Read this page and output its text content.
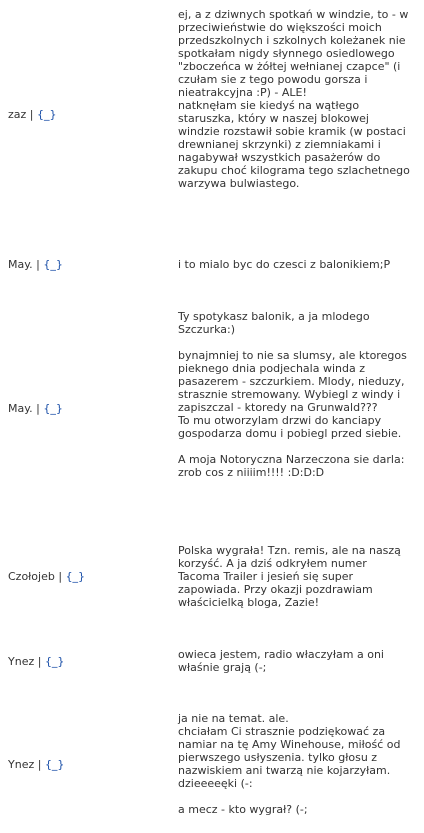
zaz | {_}

ej, a z dziwnych spotkań w windzie, to - w przeciwieństwie do większości moich przedszkolnych i szkolnych koleżanek nie spotkałam nigdy słynnego osiedlowego "zboczeńca w żółtej wełnianej czapce" (i czułam sie z tego powodu gorsza i nieatrakcyjna :P) - ALE!
natknęłam sie kiedyś na wątłego staruszka, który w naszej blokowej windzie rozstawił sobie kramik (w postaci drewnianej skrzynki) z ziemniakami i nagabywał wszystkich pasażerów do zakupu choć kilograma tego szlachetnego warzywa bulwiastego.

May. | {_}	i to mialo byc do czesci z balonikiem;P

May. | {_}

Ty spotykasz balonik, a ja mlodego Szczurka:)

bynajmniej to nie sa slumsy, ale ktoregos pieknego dnia podjechala winda z pasazerem - szczurkiem. Mlody, nieduzy, strasznie stremowany. Wybiegl z windy i zapiszczal - ktoredy na Grunwald???
To mu otworzylam drzwi do kanciapy gospodarza domu i pobiegl przed siebie.

A moja Notoryczna Narzeczona sie darla: zrob cos z niiiim!!!! :D:D:D

Czołojeb | {_}

Polska wygrała! Tzn. remis, ale na naszą korzyść. A ja dziś odkryłem numer Tacoma Trailer i jesień się super zapowiada. Przy okazji pozdrawiam właścicielką bloga, Zazie!

Ynez | {_}

owieca jestem, radio właczyłam a oni właśnie grają (-;

Ynez | {_}

ja nie na temat. ale.
chciałam Ci strasznie podziękować za namiar na tę Amy Winehouse, miłość od pierwszego usłyszenia. tylko głosu z nazwiskiem ani twarzą nie kojarzyłam. dzieeeeęki (-:

a mecz - kto wygrał? (-;
